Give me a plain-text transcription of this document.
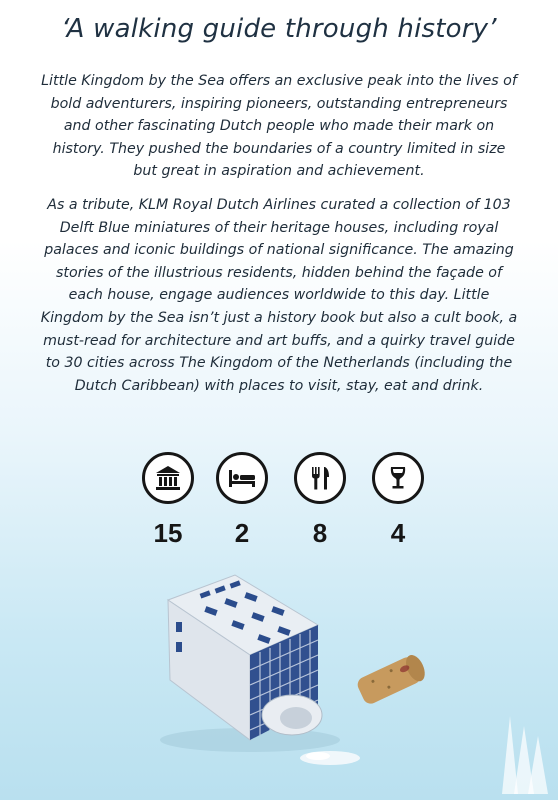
‘A walking guide through history’

Little Kingdom by the Sea offers an exclusive peak into the lives of bold adventurers, inspiring pioneers, outstanding entrepreneurs and other fascinating Dutch people who made their mark on history. They pushed the boundaries of a country limited in size but great in aspiration and achievement.

As a tribute, KLM Royal Dutch Airlines curated a collection of 103 Delft Blue miniatures of their heritage houses, including royal palaces and iconic buildings of national significance. The amazing stories of the illustrious residents, hidden behind the façade of each house, engage audiences worldwide to this day. Little Kingdom by the Sea isn’t just a history book but also a cult book, a must-read for architecture and art buffs, and a quirky travel guide to 30 cities across The Kingdom of the Netherlands (including the Dutch Caribbean) with places to visit, stay, eat and drink.

15	2	8	4
